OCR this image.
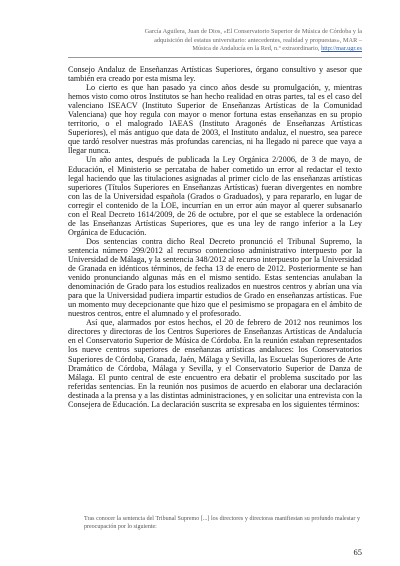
García Aguilera, Juan de Dios, «El Conservatorio Superior de Música de Córdoba y la adquisición del estatus universitario: antecedentes, realidad y propuestas», MAR – Música de Andalucía en la Red, n.º extraordinario, http://mar.ugr.es

Consejo Andaluz de Enseñanzas Artísticas Superiores, órgano consultivo y asesor que también era creado por esta misma ley.

Lo cierto es que han pasado ya cinco años desde su promulgación, y, mientras hemos visto como otros Institutos se han hecho realidad en otras partes, tal es el caso del valenciano ISEACV (Instituto Superior de Enseñanzas Artísticas de la Comunidad Valenciana) que hoy regula con mayor o menor fortuna estas enseñanzas en su propio territorio, o el malogrado IAEAS (Instituto Aragonés de Enseñanzas Artísticas Superiores), el más antiguo que data de 2003, el Instituto andaluz, el nuestro, sea parece que tardó resolver nuestras más profundas carencias, ni ha llegado ni parece que vaya a llegar nunca.

Un año antes, después de publicada la Ley Orgánica 2/2006, de 3 de mayo, de Educación, el Ministerio se percataba de haber cometido un error al redactar el texto legal haciendo que las titulaciones asignadas al primer ciclo de las enseñanzas artísticas superiores (Títulos Superiores en Enseñanzas Artísticas) fueran divergentes en nombre con las de la Universidad española (Grados o Graduados), y para repararlo, en lugar de corregir el contenido de la LOE, incurrían en un error aún mayor al querer subsanarlo con el Real Decreto 1614/2009, de 26 de octubre, por el que se establece la ordenación de las Enseñanzas Artísticas Superiores, que es una ley de rango inferior a la Ley Orgánica de Educación.

Dos sentencias contra dicho Real Decreto pronunció el Tribunal Supremo, la sentencia número 299/2012 al recurso contencioso administrativo interpuesto por la Universidad de Málaga, y la sentencia 348/2012 al recurso interpuesto por la Universidad de Granada en idénticos términos, de fecha 13 de enero de 2012. Posteriormente se han venido pronunciando algunas más en el mismo sentido. Estas sentencias anulaban la denominación de Grado para los estudios realizados en nuestros centros y abrían una vía para que la Universidad pudiera impartir estudios de Grado en enseñanzas artísticas. Fue un momento muy decepcionante que hizo que el pesimismo se propagara en el ámbito de nuestros centros, entre el alumnado y el profesorado.

Así que, alarmados por estos hechos, el 20 de febrero de 2012 nos reunimos los directores y directoras de los Centros Superiores de Enseñanzas Artísticas de Andalucía en el Conservatorio Superior de Música de Córdoba. En la reunión estaban representados los nueve centros superiores de enseñanzas artísticas andaluces: los Conservatorios Superiores de Córdoba, Granada, Jaén, Málaga y Sevilla, las Escuelas Superiores de Arte Dramático de Córdoba, Málaga y Sevilla, y el Conservatorio Superior de Danza de Málaga. El punto central de este encuentro era debatir el problema suscitado por las referidas sentencias. En la reunión nos pusimos de acuerdo en elaborar una declaración destinada a la prensa y a las distintas administraciones, y en solicitar una entrevista con la Consejera de Educación. La declaración suscrita se expresaba en los siguientes términos:

Tras conocer la sentencia del Tribunal Supremo [...] los directores y directoras manifiestan su profundo malestar y preocupación por lo siguiente:
65
